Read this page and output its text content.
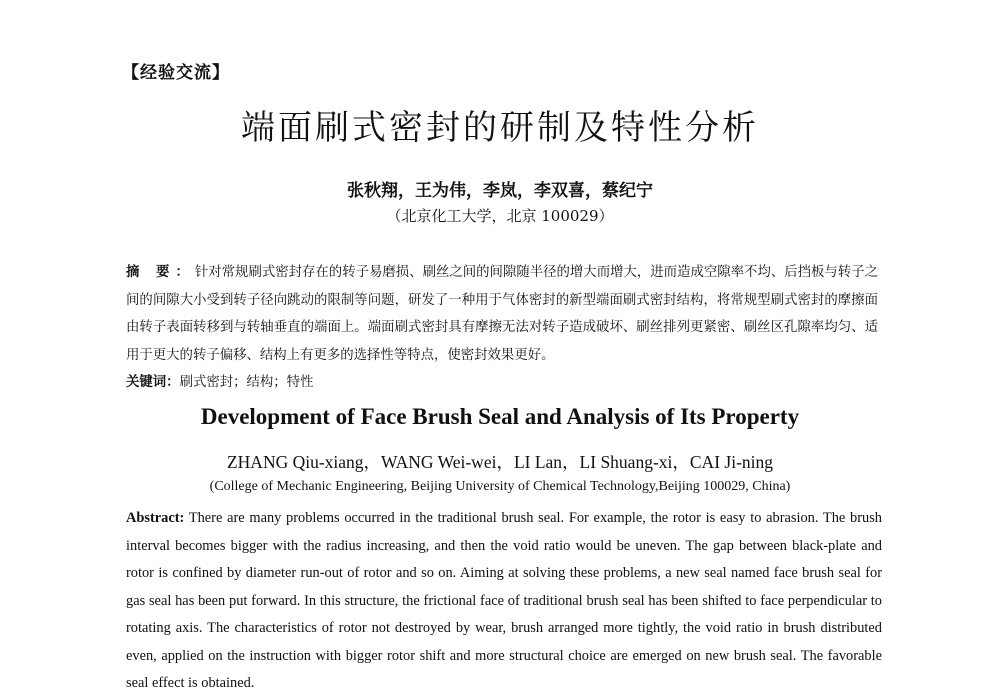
【经验交流】
端面刷式密封的研制及特性分析
张秋翔，王为伟，李岚，李双喜，蔡纪宁
（北京化工大学，北京 100029）
摘 要：针对常规刷式密封存在的转子易磨损、刷丝之间的间隙随半径的增大而增大，进而造成空隙率不均、后挡板与转子之间的间隙大小受到转子径向跳动的限制等问题，研发了一种用于气体密封的新型端面刷式密封结构，将常规型刷式密封的摩擦面由转子表面转移到与转轴垂直的端面上。端面刷式密封具有摩擦无法对转子造成破坏、刷丝排列更紧密、刷丝区孔隙率均匀、适用于更大的转子偏移、结构上有更多的选择性等特点，使密封效果更好。
关键词：刷式密封；结构；特性
Development of Face Brush Seal and Analysis of Its Property
ZHANG Qiu-xiang，WANG Wei-wei，LI Lan，LI Shuang-xi，CAI Ji-ning
(College of Mechanic Engineering, Beijing University of Chemical Technology,Beijing 100029, China)
Abstract: There are many problems occurred in the traditional brush seal. For example, the rotor is easy to abrasion. The brush interval becomes bigger with the radius increasing, and then the void ratio would be uneven. The gap between black-plate and rotor is confined by diameter run-out of rotor and so on. Aiming at solving these problems, a new seal named face brush seal for gas seal has been put forward. In this structure, the frictional face of traditional brush seal has been shifted to face perpendicular to rotating axis. The characteristics of rotor not destroyed by wear, brush arranged more tightly, the void ratio in brush distributed even, applied on the instruction with bigger rotor shift and more structural choice are emerged on new brush seal. The favorable seal effect is obtained.
